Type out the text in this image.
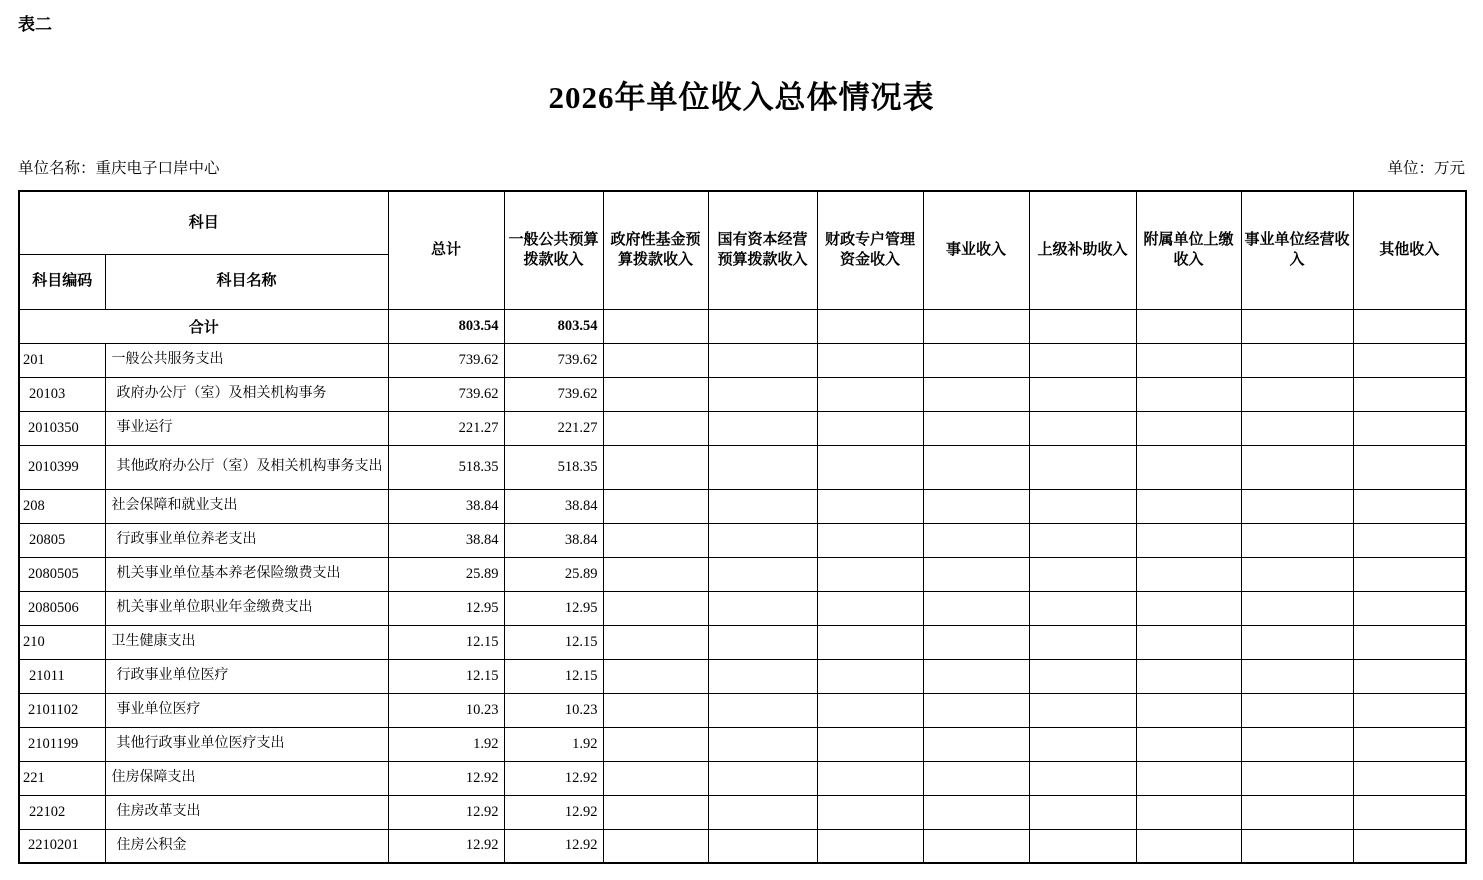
表二
2026年单位收入总体情况表
单位名称：重庆电子口岸中心	单位：万元
科目		总计	一般公共预算拨款收入	政府性基金预算拨款收入	国有资本经营预算拨款收入	财政专户管理资金收入	事业收入	上级补助收入	附属单位上缴收入	事业单位经营收入	其他收入
科目编码	科目名称										
合计		803.54	803.54								
201	一般公共服务支出	739.62	739.62								
20103	政府办公厅（室）及相关机构事务	739.62	739.62								
2010350	事业运行	221.27	221.27								
2010399	其他政府办公厅（室）及相关机构事务支出	518.35	518.35								
208	社会保障和就业支出	38.84	38.84								
20805	行政事业单位养老支出	38.84	38.84								
2080505	机关事业单位基本养老保险缴费支出	25.89	25.89								
2080506	机关事业单位职业年金缴费支出	12.95	12.95								
210	卫生健康支出	12.15	12.15								
21011	行政事业单位医疗	12.15	12.15								
2101102	事业单位医疗	10.23	10.23								
2101199	其他行政事业单位医疗支出	1.92	1.92								
221	住房保障支出	12.92	12.92								
22102	住房改革支出	12.92	12.92								
2210201	住房公积金	12.92	12.92								
